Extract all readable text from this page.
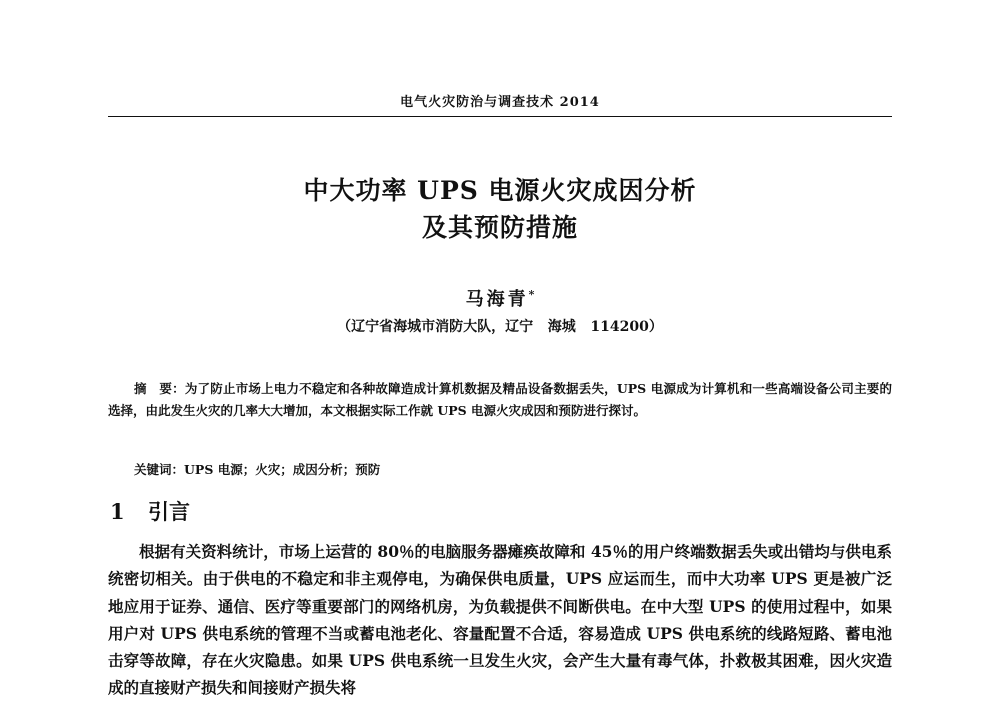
电气火灾防治与调查技术 2014
中大功率 UPS 电源火灾成因分析
及其预防措施
马海青*
（辽宁省海城市消防大队，辽宁   海城   114200）

摘　要：为了防止市场上电力不稳定和各种故障造成计算机数据及精品设备数据丢失，UPS 电源成为计算机和一些高端设备公司主要的选择，由此发生火灾的几率大大增加，本文根据实际工作就 UPS 电源火灾成因和预防进行探讨。

关键词：UPS 电源；火灾；成因分析；预防

1 引言

根据有关资料统计，市场上运营的 80％的电脑服务器瘫痪故障和 45％的用户终端数据丢失或出错均与供电系统密切相关。由于供电的不稳定和非主观停电，为确保供电质量，UPS 应运而生，而中大功率 UPS 更是被广泛地应用于证券、通信、医疗等重要部门的网络机房，为负载提供不间断供电。在中大型 UPS 的使用过程中，如果用户对 UPS 供电系统的管理不当或蓄电池老化、容量配置不合适，容易造成 UPS 供电系统的线路短路、蓄电池击穿等故障，存在火灾隐患。如果 UPS 供电系统一旦发生火灾，会产生大量有毒气体，扑救极其困难，因火灾造成的直接财产损失和间接财产损失将
